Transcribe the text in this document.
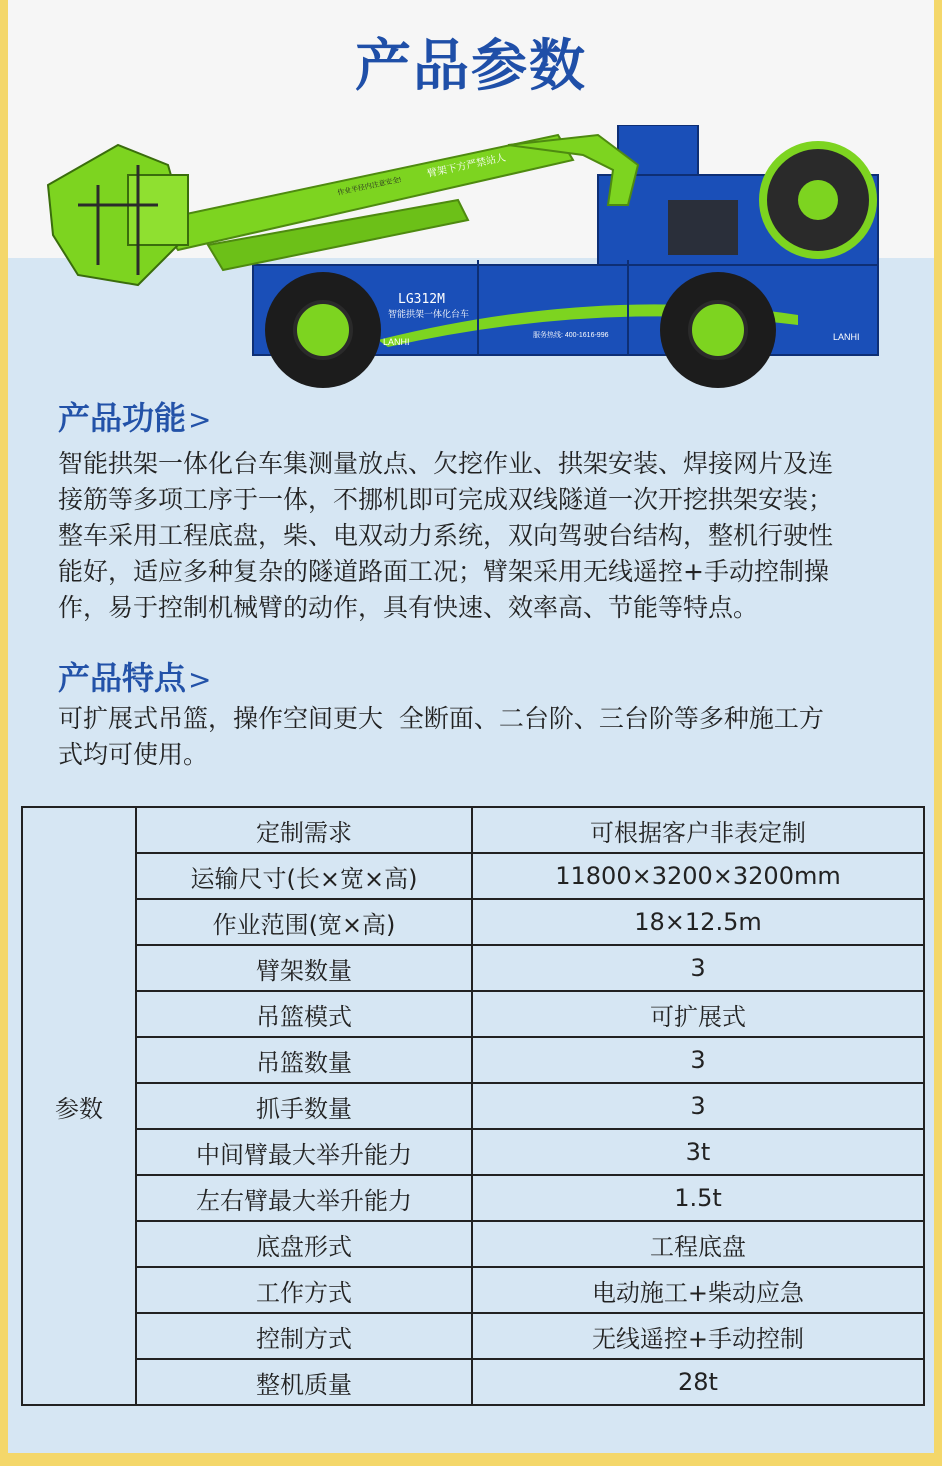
产品参数
LG312M
智能拱架一体化台车
LANHI	LANHI
服务热线: 400-1616-996
臂架下方严禁站人
作业半径内注意安全!
产品功能>
智能拱架一体化台车集测量放点、欠挖作业、拱架安装、焊接网片及连
接筋等多项工序于一体，不挪机即可完成双线隧道一次开挖拱架安装；
整车采用工程底盘，柴、电双动力系统，双向驾驶台结构，整机行驶性
能好，适应多种复杂的隧道路面工况；臂架采用无线遥控+手动控制操
作，易于控制机械臂的动作，具有快速、效率高、节能等特点。
产品特点>
可扩展式吊篮，操作空间更大  全断面、二台阶、三台阶等多种施工方
式均可使用。
参数	定制需求	可根据客户非表定制
	运输尺寸(长×宽×高)	11800×3200×3200mm
	作业范围(宽×高)	18×12.5m
	臂架数量	3
	吊篮模式	可扩展式
	吊篮数量	3
	抓手数量	3
	中间臂最大举升能力	3t
	左右臂最大举升能力	1.5t
	底盘形式	工程底盘
	工作方式	电动施工+柴动应急
	控制方式	无线遥控+手动控制
	整机质量	28t
